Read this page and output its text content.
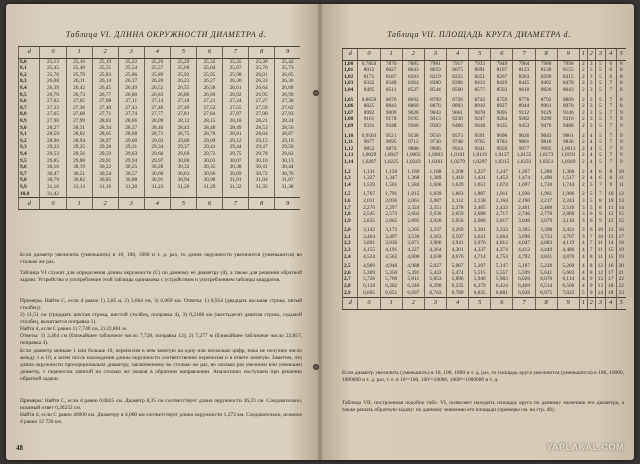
Таблица VI. ДЛИНА ОКРУЖНОСТИ ДИАМЕТРА d.
d	0	1	2	3	4	5	6	7	8	9
8,0	25,13	25,16	25,19	25,22	25,26	25,29	25,32	25,35	25,38	25,42
8,1	25,45	25,48	25,51	25,54	25,57	25,60	25,64	25,67	25,70	25,73
8,2	25,76	25,79	25,83	25,86	25,89	25,92	25,95	25,98	26,01	26,05
8,3	26,08	26,11	26,14	26,17	26,20	26,23	26,27	26,30	26,33	26,36
8,4	26,39	26,42	26,45	26,49	26,52	26,55	26,58	26,61	26,64	26,68
8,5	26,70	26,73	26,77	26,80	26,83	26,86	26,89	26,92	26,95	26,99
8,6	27,02	27,05	27,08	27,11	27,14	27,18	27,21	27,24	27,27	27,30
8,7	27,33	27,36	27,40	27,43	27,46	27,49	27,52	27,55	27,59	27,62
8,8	27,65	27,68	27,71	27,74	27,77	27,81	27,84	27,87	27,90	27,93
8,9	27,96	27,99	28,03	28,06	28,09	28,12	28,15	28,18	28,21	28,24
9,0	28,27	28,31	28,34	28,37	28,40	28,43	28,46	28,49	28,53	28,56
9,1	28,59	28,62	28,65	28,68	28,71	28,75	28,78	28,81	28,84	28,87
9,2	28,90	28,94	28,97	29,00	29,03	29,06	29,09	29,12	29,15	29,19
9,3	29,22	29,25	29,28	29,31	29,34	29,37	29,41	29,44	29,47	29,50
9,4	29,53	29,56	29,59	29,63	29,66	29,69	29,72	29,75	29,78	29,82
9,5	29,85	29,88	29,91	29,94	29,97	30,00	30,03	30,07	30,10	30,13
9,6	30,16	30,19	30,22	30,25	30,28	30,32	30,35	30,38	30,41	30,44
9,7	30,47	30,51	30,54	30,57	30,60	30,63	30,66	30,69	30,72	30,76
9,8	30,79	30,82	30,85	30,88	30,91	30,94	30,98	31,01	31,04	31,07
9,9	31,10	31,13	31,16	31,20	31,23	31,26	31,29	31,32	31,35	31,38
10,0	31,42									
d	0	1	2	3	4	5	6	7	8	9
Если диаметр увеличить (уменьшить) в 10, 100, 1000 и т. д. раз, то длина окружности увеличится (уменьшится) во столько же раз.
Таблица VI служит для определения длины окружности (C) по данному её диаметру (d), а также для решения обратной задачи. Устройство и употребление этой таблицы одинаковы с устройством и употреблением таблицы квадратов.
Примеры. Найти C, если d равно 1) 2,85 и, 2) 3,664 см, 3) 0,069 км. Ответы: 1) 8,954 (двадцать восьмая строка, пятый столбец).
2) 11,51 см (тридцать шестая строка, шестой столбец, поправка 4), 3) 0,2168 км (шестьдесят девятая строка, седьмой столбец, вычитается поправка 1).
Найти d, если C равно 1) 7,740 см, 2) 22,861 м.
Ответы: 1) 2,464 см (ближайшее табличное число 7,728, поправка 12), 2) 7,277 м (ближайшее табличное число 22,857, поправка 4).
Если диаметр меньше 1 или больше 10, переносим в нем запятую на одну или несколько цифр, пока не получим число между 1 и 10, а затем после нахождения длины окружности соответственно переносим и в ответе запятую. Заметим, что длина окружности пропорциональна диаметру, заключенному во столько же раз, во сколько раз увеличен или уменьшен диаметр, с переносом запятой на столько же знаков в обратном направлении. Аналогично поступаем при решении обратной задачи.
Примеры: Найти C, если d равно 0,0835 см. Диаметр 8,35 см соответствует длина окружности 26,23 см. Следовательно, искомый ответ 0,26232 см.
Найти d, если C равно 40000 км. Диаметру в 4,000 км соответствует длина окружности 1,273 км. Следовательно, искомое d равно 12 730 км.
48
Таблица VII. ПЛОЩАДЬ КРУГА ДИАМЕТРА d.
d	0	1	2	3	4	5	6	7	8	9	1	2	3	4	5
1,00	0,7854	7870	7885	7901	7917	7933	7949	7964	7980	7996	2	3	5	6	8
1,01	8012	8027	8043	8059	8075	8091	8107	8123	8139	8155	2	3	5	6	8
1,02	8171	8187	8203	8219	8235	8251	8267	8283	8299	8315	2	3	5	6	8
1,03	8332	8348	8364	8380	8396	8413	8429	8445	8462	8478	2	3	5	7	8
1,04	8495	8511	8527	8544	8560	8577	8593	8610	8626	8643	2	3	5	7	8

1,05	0,8659	8676	8692	8709	8726	8742	8759	8776	8792	8809	2	3	5	7	8
1,06	8825	8843	8860	8876	8893	8910	8927	8944	8961	8978	2	3	5	7	8
1,07	8992	9009	9026	9043	9061	9078	9095	9112	9129	9146	2	3	5	7	9
1,08	9161	9178	9195	9213	9230	9247	9264	9282	9299	9316	2	3	5	7	9
1,09	9331	9348	9366	9383	9400	9418	9435	9453	9470	9488	2	3	5	7	9

1,10	0,9503	9521	9538	9556	9573	9591	9608	9626	9643	9661	2	4	5	7	9
1,11	9677	9695	9712	9730	9748	9765	9783	9801	9818	9836	2	4	5	7	9
1,12	9852	9870	9888	9906	9924	9941	9959	9977	9995	1,0013	2	4	5	7	9
1,13	1,0029	1,0047	1,0065	1,0083	1,0101	1,0119	1,0137	1,0155	1,0173	1,0191	2	4	5	7	9
1,14	1,0207	1,0225	1,0243	1,0261	1,0279	1,0297	1,0315	1,0333	1,0351	1,0369	2	4	5	7	9

1,2	1,131	1,150	1,169	1,188	1,208	1,227	1,247	1,267	1,286	1,306	2	4	6	8	10
1,3	1,327	1,347	1,368	1,389	1,410	1,431	1,453	1,474	1,496	1,517	2	4	6	8	11
1,4	1,539	1,561	1,584	1,606	1,629	1,651	1,674	1,697	1,720	1,744	2	5	7	9	11

1,5	1,767	1,791	1,815	1,839	1,863	1,887	1,911	1,936	1,961	1,986	2	5	7	10	12
1,6	2,011	2,036	2,061	2,087	2,112	2,138	2,164	2,190	2,217	2,243	3	5	8	10	13
1,7	2,270	2,297	2,324	2,351	2,378	2,405	2,433	2,461	2,488	2,516	3	5	8	11	14
1,8	2,545	2,573	2,602	2,630	2,659	2,688	2,717	2,746	2,776	2,806	3	6	9	12	15
1,9	2,835	2,865	2,895	2,926	2,956	2,986	3,017	3,048	3,079	3,110	3	6	9	12	15

2,0	3,142	3,173	3,205	3,237	3,269	3,301	3,333	3,365	3,398	3,431	3	6	10	13	16
2,1	3,464	3,497	3,530	3,563	3,597	3,631	3,664	3,698	3,733	3,767	3	7	10	13	17
2,2	3,801	3,836	3,871	3,906	3,941	3,976	4,012	4,047	4,083	4,119	4	7	11	14	18
2,3	4,155	4,191	4,227	4,264	4,301	4,337	4,374	4,412	4,449	4,486	4	7	11	15	19
2,4	4,524	4,562	4,600	4,638	4,676	4,714	4,753	4,792	4,831	4,870	4	8	11	15	19

2,5	4,909	4,948	4,988	5,027	5,067	5,107	5,147	5,187	5,228	5,269	4	8	12	16	20
2,6	5,309	5,350	5,391	5,433	5,474	5,515	5,557	5,599	5,641	5,683	4	8	12	17	21
2,7	5,726	5,768	5,811	5,853	5,896	5,940	5,983	6,026	6,070	6,114	4	9	13	17	22
2,8	6,158	6,202	6,246	6,290	6,335	6,379	6,424	6,469	6,514	6,560	4	9	13	18	22
2,9	6,605	6,651	6,697	6,743	6,789	6,835	6,881	6,928	6,975	7,022	5	9	14	18	23
d	0	1	2	3	4	5	6	7	8	9	1	2	3	4	5
Если диаметр увеличить (уменьшить) в 10, 100, 1000 и т. д. раз, то площадь круга увеличится (уменьшится) в 100, 10000, 1000000 и т. д. раз, т. е. в 10²=100, 100²=10000, 1000²=1000000 и т. д.
Таблица VII, построенная подобно табл. VI, позволяет находить площадь круга по данному значению его диаметра, а также решать обратную задачу: по данному значению его площади (примеры см. на стр. 49).
YAPLAKAL.COM
